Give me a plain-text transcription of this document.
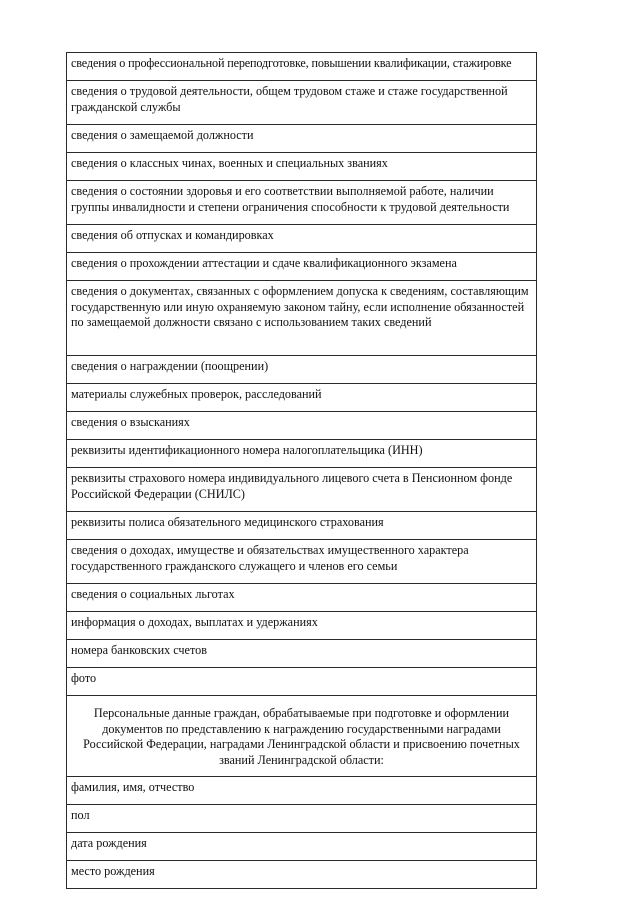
сведения о профессиональной переподготовке, повышении квалификации, стажировке
сведения о трудовой деятельности, общем трудовом стаже и стаже государственной гражданской службы
сведения о замещаемой должности
сведения о классных чинах, военных и специальных званиях
сведения о состоянии здоровья и его соответствии выполняемой работе, наличии группы инвалидности и степени ограничения способности к трудовой деятельности
сведения об отпусках и командировках
сведения о прохождении аттестации и сдаче квалификационного экзамена
сведения о документах, связанных с оформлением допуска к сведениям, составляющим государственную или иную охраняемую законом тайну, если исполнение обязанностей по замещаемой должности связано с использованием таких сведений
сведения о награждении (поощрении)
материалы служебных проверок, расследований
сведения о взысканиях
реквизиты идентификационного номера налогоплательщика (ИНН)
реквизиты страхового номера индивидуального лицевого счета в Пенсионном фонде Российской Федерации (СНИЛС)
реквизиты полиса обязательного медицинского страхования
сведения о доходах, имуществе и обязательствах имущественного характера государственного гражданского служащего и членов его семьи
сведения о социальных льготах
информация о доходах, выплатах и удержаниях
номера банковских счетов
фото
Персональные данные граждан, обрабатываемые при подготовке и оформлении документов по представлению к награждению государственными наградами Российской Федерации, наградами Ленинградской области и присвоению почетных званий Ленинградской области:
фамилия, имя, отчество
пол
дата рождения
место рождения
